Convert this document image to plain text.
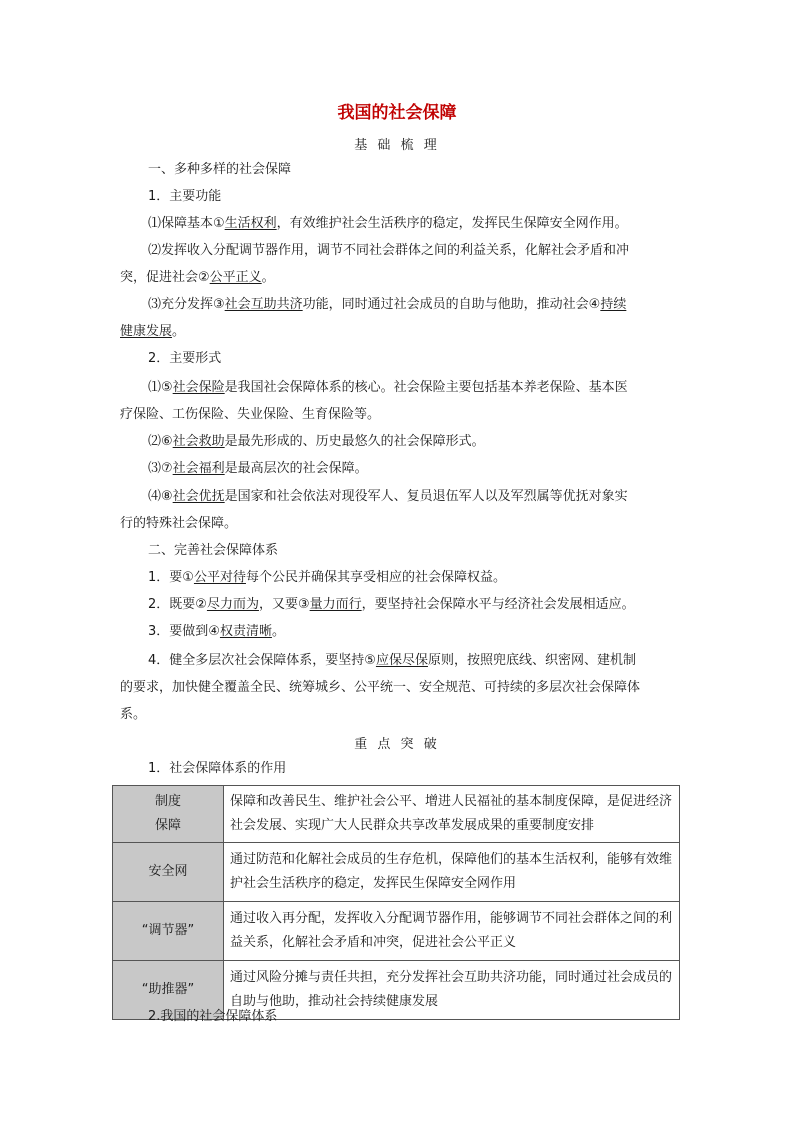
我国的社会保障
基 础 梳 理
一、多种多样的社会保障
1．主要功能
⑴保障基本①生活权利，有效维护社会生活秩序的稳定，发挥民生保障安全网作用。
⑵发挥收入分配调节器作用，调节不同社会群体之间的利益关系，化解社会矛盾和冲
突，促进社会②公平正义。
⑶充分发挥③社会互助共济功能，同时通过社会成员的自助与他助，推动社会④持续
健康发展。
2．主要形式
⑴⑤社会保险是我国社会保障体系的核心。社会保险主要包括基本养老保险、基本医
疗保险、工伤保险、失业保险、生育保险等。
⑵⑥社会救助是最先形成的、历史最悠久的社会保障形式。
⑶⑦社会福利是最高层次的社会保障。
⑷⑧社会优抚是国家和社会依法对现役军人、复员退伍军人以及军烈属等优抚对象实
行的特殊社会保障。
二、完善社会保障体系
1．要①公平对待每个公民并确保其享受相应的社会保障权益。
2．既要②尽力而为，又要③量力而行，要坚持社会保障水平与经济社会发展相适应。
3．要做到④权责清晰。
4．健全多层次社会保障体系，要坚持⑤应保尽保原则，按照兜底线、织密网、建机制
的要求，加快健全覆盖全民、统筹城乡、公平统一、安全规范、可持续的多层次社会保障体
系。
重 点 突 破
1．社会保障体系的作用
制度
保障	保障和改善民生、维护社会公平、增进人民福祉的基本制度保障，是促进经济社会发展、实现广大人民群众共享改革发展成果的重要制度安排
安全网	通过防范和化解社会成员的生存危机，保障他们的基本生活权利，能够有效维护社会生活秩序的稳定，发挥民生保障安全网作用
“调节器”	通过收入再分配，发挥收入分配调节器作用，能够调节不同社会群体之间的利益关系，化解社会矛盾和冲突，促进社会公平正义
“助推器”	通过风险分摊与责任共担，充分发挥社会互助共济功能，同时通过社会成员的自助与他助，推动社会持续健康发展
2.我国的社会保障体系
